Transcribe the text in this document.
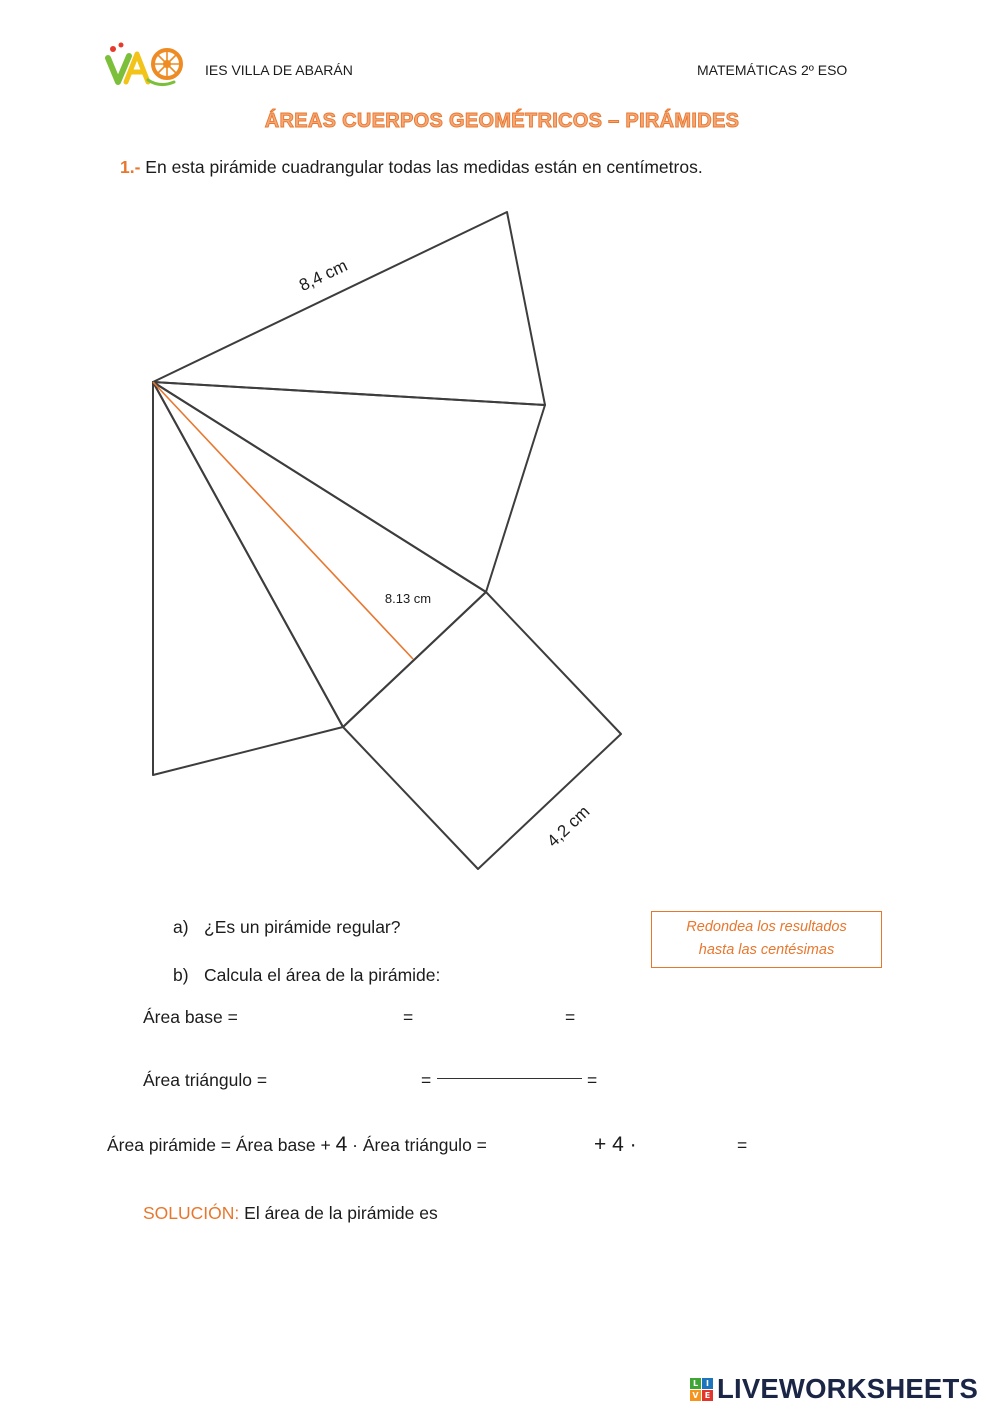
IES VILLA DE ABARÁN	MATEMÁTICAS 2º ESO
ÁREAS CUERPOS GEOMÉTRICOS – PIRÁMIDES
1.- En esta pirámide cuadrangular todas las medidas están en centímetros.
8,4 cm
8.13 cm
4,2 cm
a) ¿Es un pirámide regular?
b) Calcula el área de la pirámide:
Redondea los resultados
hasta las centésimas
Área base =	=	=
Área triángulo =	=	=
Área pirámide = Área base + 4 · Área triángulo =	+ 4 ·	=
SOLUCIÓN: El área de la pirámide es
L I
V E LIVEWORKSHEETS
